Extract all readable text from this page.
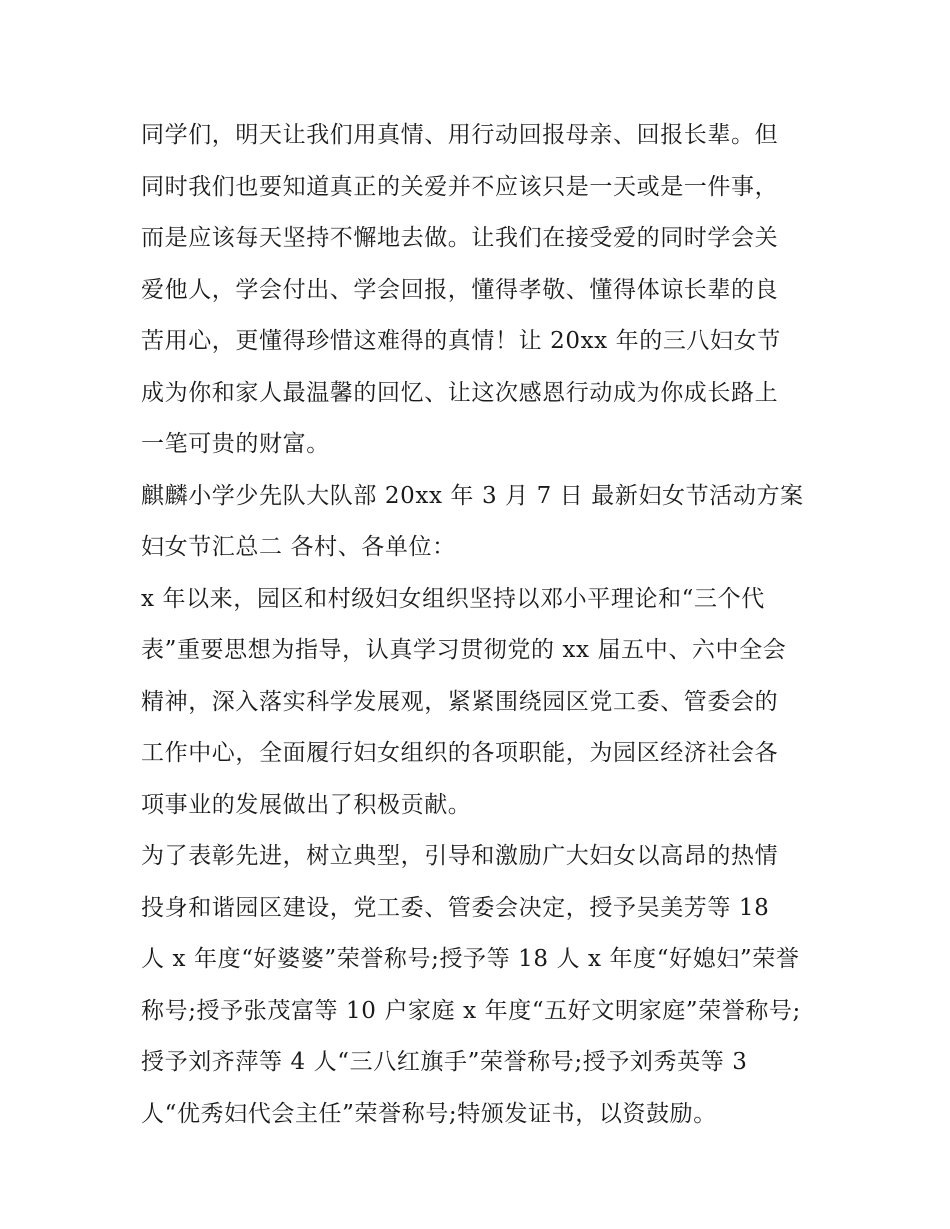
同学们，明天让我们用真情、用行动回报母亲、回报长辈。但
同时我们也要知道真正的关爱并不应该只是一天或是一件事，
而是应该每天坚持不懈地去做。让我们在接受爱的同时学会关
爱他人，学会付出、学会回报，懂得孝敬、懂得体谅长辈的良
苦用心，更懂得珍惜这难得的真情！让 20xx 年的三八妇女节
成为你和家人最温馨的回忆、让这次感恩行动成为你成长路上
一笔可贵的财富。
麒麟小学少先队大队部 20xx 年 3 月 7 日 最新妇女节活动方案
妇女节汇总二 各村、各单位：
x 年以来，园区和村级妇女组织坚持以邓小平理论和“三个代
表”重要思想为指导，认真学习贯彻党的 xx 届五中、六中全会
精神，深入落实科学发展观，紧紧围绕园区党工委、管委会的
工作中心，全面履行妇女组织的各项职能，为园区经济社会各
项事业的发展做出了积极贡献。
为了表彰先进，树立典型，引导和激励广大妇女以高昂的热情
投身和谐园区建设，党工委、管委会决定，授予吴美芳等 18
人 x 年度“好婆婆”荣誉称号;授予等 18 人 x 年度“好媳妇”荣誉
称号;授予张茂富等 10 户家庭 x 年度“五好文明家庭”荣誉称号;
授予刘齐萍等 4 人“三八红旗手”荣誉称号;授予刘秀英等 3
人“优秀妇代会主任”荣誉称号;特颁发证书，以资鼓励。
